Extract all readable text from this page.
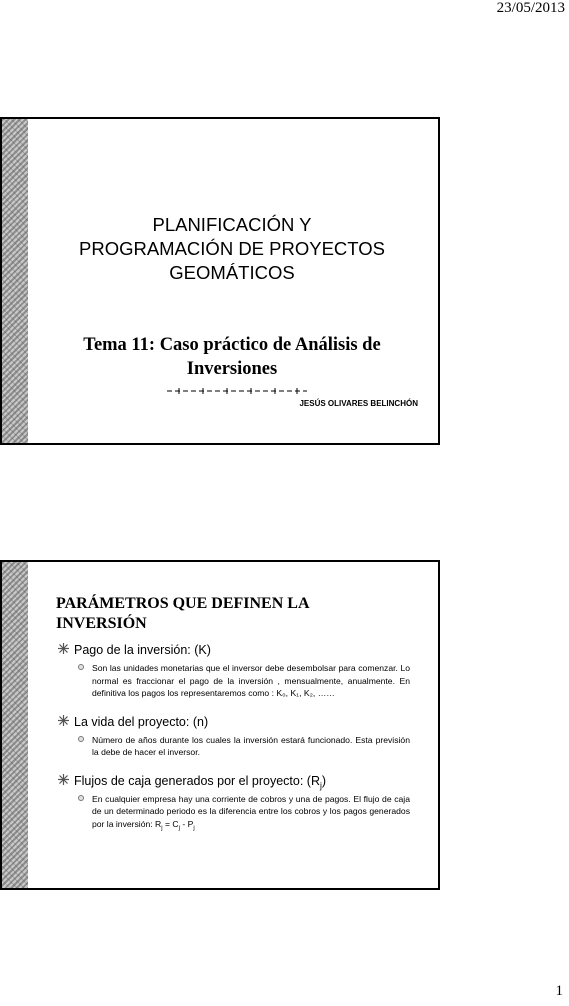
23/05/2013
PLANIFICACIÓN Y
PROGRAMACIÓN DE PROYECTOS
GEOMÁTICOS
Tema 11: Caso práctico de Análisis de
Inversiones
JESÚS OLIVARES BELINCHÓN
PARÁMETROS QUE DEFINEN LA
INVERSIÓN
Pago de la inversión: (K)
Son las unidades monetarias que el inversor debe desembolsar para comenzar. Lo normal es fraccionar el pago de la inversión , mensualmente, anualmente. En definitiva los pagos los representaremos como : K₀, K₁, K₂, ……
La vida del proyecto: (n)
Número de años durante los cuales la inversión estará funcionado. Esta previsión la debe de hacer el inversor.
Flujos de caja generados por el proyecto: $(R_j)$
En cualquier empresa hay una corriente de cobros y una de pagos. El flujo de caja de un determinado periodo es la diferencia entre los cobros y los pagos generados por la inversión: $R_j = C_j - P_j$
1
